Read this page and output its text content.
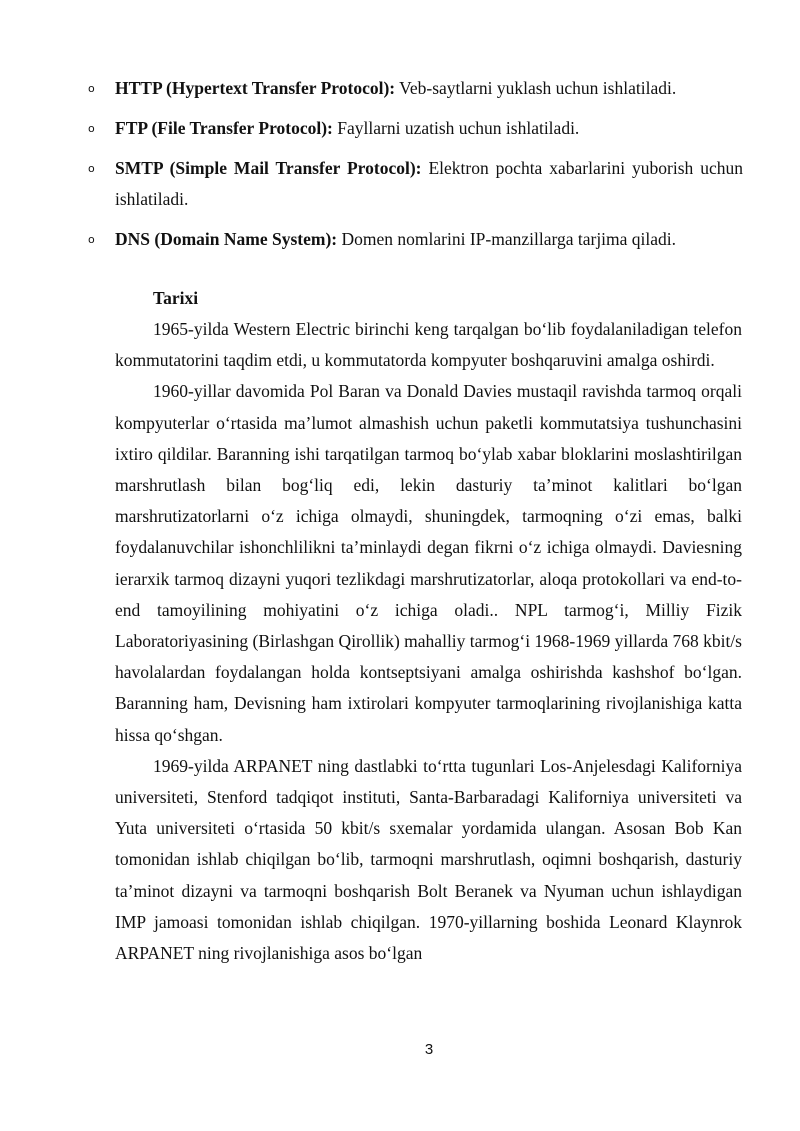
o HTTP (Hypertext Transfer Protocol): Veb-saytlarni yuklash uchun ishlatiladi.
o FTP (File Transfer Protocol): Fayllarni uzatish uchun ishlatiladi.
o SMTP (Simple Mail Transfer Protocol): Elektron pochta xabarlarini yuborish uchun ishlatiladi.
o DNS (Domain Name System): Domen nomlarini IP-manzillarga tarjima qiladi.

Tarixi

1965-yilda Western Electric birinchi keng tarqalgan bo‘lib foydalaniladigan telefon kommutatorini taqdim etdi, u kommutatorda kompyuter boshqaruvini amalga oshirdi.

1960-yillar davomida Pol Baran va Donald Davies mustaqil ravishda tarmoq orqali kompyuterlar o‘rtasida ma’lumot almashish uchun paketli kommutatsiya tushunchasini ixtiro qildilar. Baranning ishi tarqatilgan tarmoq bo‘ylab xabar bloklarini moslashtirilgan marshrutlash bilan bog‘liq edi, lekin dasturiy ta’minot kalitlari bo‘lgan marshrutizatorlarni o‘z ichiga olmaydi, shuningdek, tarmoqning o‘zi emas, balki foydalanuvchilar ishonchlilikni ta’minlaydi degan fikrni o‘z ichiga olmaydi. Daviesning ierarxik tarmoq dizayni yuqori tezlikdagi marshrutizatorlar, aloqa protokollari va end-to-end tamoyilining mohiyatini o‘z ichiga oladi.. NPL tarmog‘i, Milliy Fizik Laboratoriyasining (Birlashgan Qirollik) mahalliy tarmog‘i 1968-1969 yillarda 768 kbit/s havolalardan foydalangan holda kontseptsiyani amalga oshirishda kashshof bo‘lgan. Baranning ham, Devisning ham ixtirolari kompyuter tarmoqlarining rivojlanishiga katta hissa qo‘shgan.

1969-yilda ARPANET ning dastlabki to‘rtta tugunlari Los-Anjelesdagi Kaliforniya universiteti, Stenford tadqiqot instituti, Santa-Barbaradagi Kaliforniya universiteti va Yuta universiteti o‘rtasida 50 kbit/s sxemalar yordamida ulangan. Asosan Bob Kan tomonidan ishlab chiqilgan bo‘lib, tarmoqni marshrutlash, oqimni boshqarish, dasturiy ta’minot dizayni va tarmoqni boshqarish Bolt Beranek va Nyuman uchun ishlaydigan IMP jamoasi tomonidan ishlab chiqilgan. 1970-yillarning boshida Leonard Klaynrok ARPANET ning rivojlanishiga asos bo‘lgan

3
